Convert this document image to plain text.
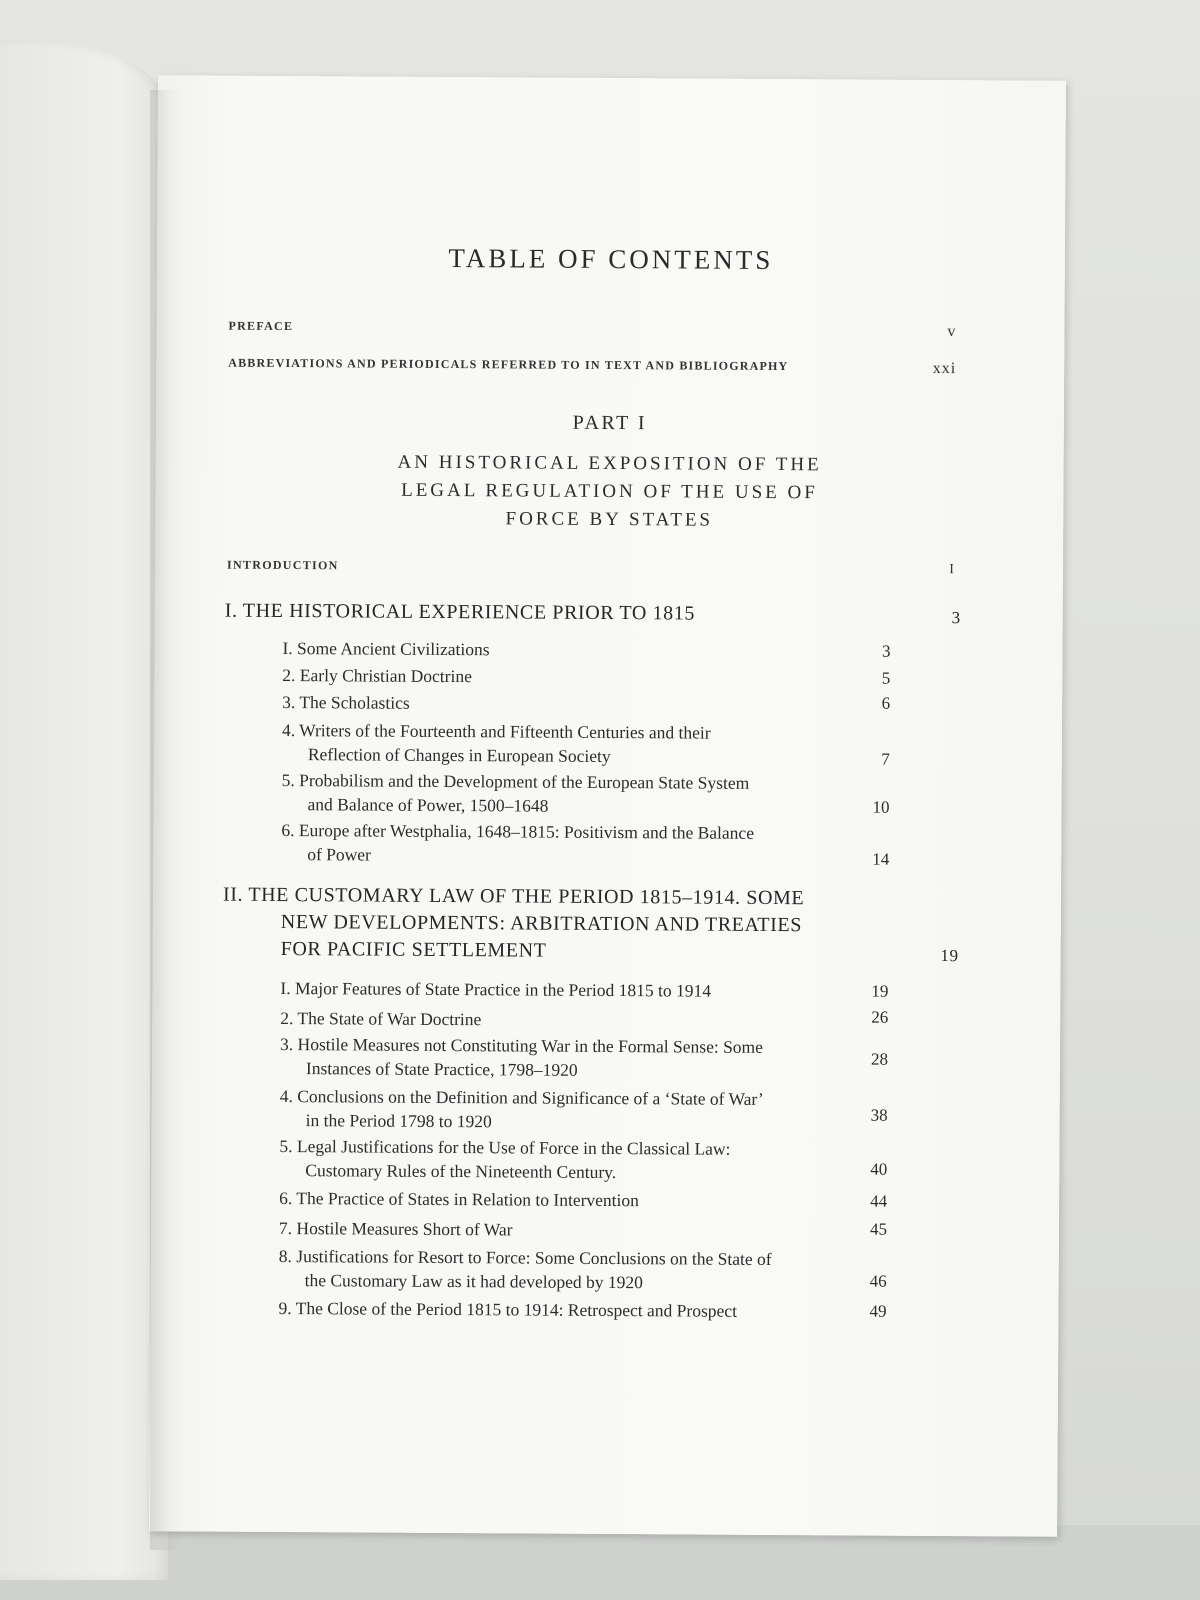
TABLE OF CONTENTS
PREFACE	v
ABBREVIATIONS AND PERIODICALS REFERRED TO IN TEXT AND BIBLIOGRAPHY	xxi
PART I
AN HISTORICAL EXPOSITION OF THE
LEGAL REGULATION OF THE USE OF
FORCE BY STATES
INTRODUCTION	I
I. THE HISTORICAL EXPERIENCE PRIOR TO 1815	3
I. Some Ancient Civilizations	3
2. Early Christian Doctrine	5
3. The Scholastics	6
4. Writers of the Fourteenth and Fifteenth Centuries and their
Reflection of Changes in European Society	7
5. Probabilism and the Development of the European State System
and Balance of Power, 1500–1648	10
6. Europe after Westphalia, 1648–1815: Positivism and the Balance
of Power	14
II. THE CUSTOMARY LAW OF THE PERIOD 1815–1914. SOME
NEW DEVELOPMENTS: ARBITRATION AND TREATIES
FOR PACIFIC SETTLEMENT	19
I. Major Features of State Practice in the Period 1815 to 1914	19
2. The State of War Doctrine	26
3. Hostile Measures not Constituting War in the Formal Sense: Some
Instances of State Practice, 1798–1920	28
4. Conclusions on the Definition and Significance of a ‘State of War’
in the Period 1798 to 1920	38
5. Legal Justifications for the Use of Force in the Classical Law:
Customary Rules of the Nineteenth Century.	40
6. The Practice of States in Relation to Intervention	44
7. Hostile Measures Short of War	45
8. Justifications for Resort to Force: Some Conclusions on the State of
the Customary Law as it had developed by 1920	46
9. The Close of the Period 1815 to 1914: Retrospect and Prospect	49
